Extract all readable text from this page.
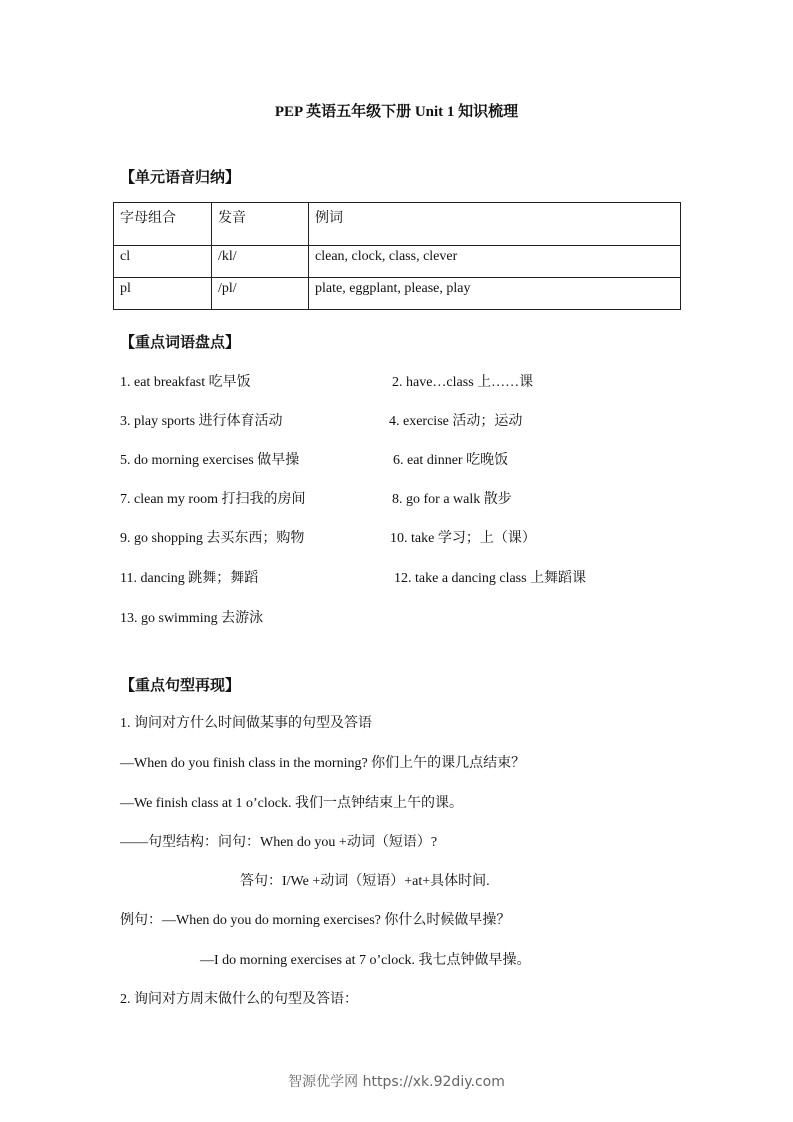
PEP 英语五年级下册 Unit 1 知识梳理
【单元语音归纳】
字母组合	发音	例词
cl	/kl/	clean, clock, class, clever
pl	/pl/	plate, eggplant, please, play
【重点词语盘点】
1. eat breakfast 吃早饭	2. have…class 上……课
3. play sports 进行体育活动	4. exercise 活动；运动
5. do morning exercises 做早操	6. eat dinner 吃晚饭
7. clean my room 打扫我的房间	8. go for a walk 散步
9. go shopping 去买东西；购物	10. take 学习；上（课）
11. dancing 跳舞；舞蹈	12. take a dancing class 上舞蹈课
13. go swimming 去游泳
【重点句型再现】
1. 询问对方什么时间做某事的句型及答语
—When do you finish class in the morning? 你们上午的课几点结束？
—We finish class at 1 o’clock. 我们一点钟结束上午的课。
——句型结构：问句：When do you +动词（短语）?
答句：I/We +动词（短语）+at+具体时间.
例句：—When do you do morning exercises? 你什么时候做早操？
—I do morning exercises at 7 o’clock. 我七点钟做早操。
2. 询问对方周末做什么的句型及答语：
智源优学网 https://xk.92diy.com
